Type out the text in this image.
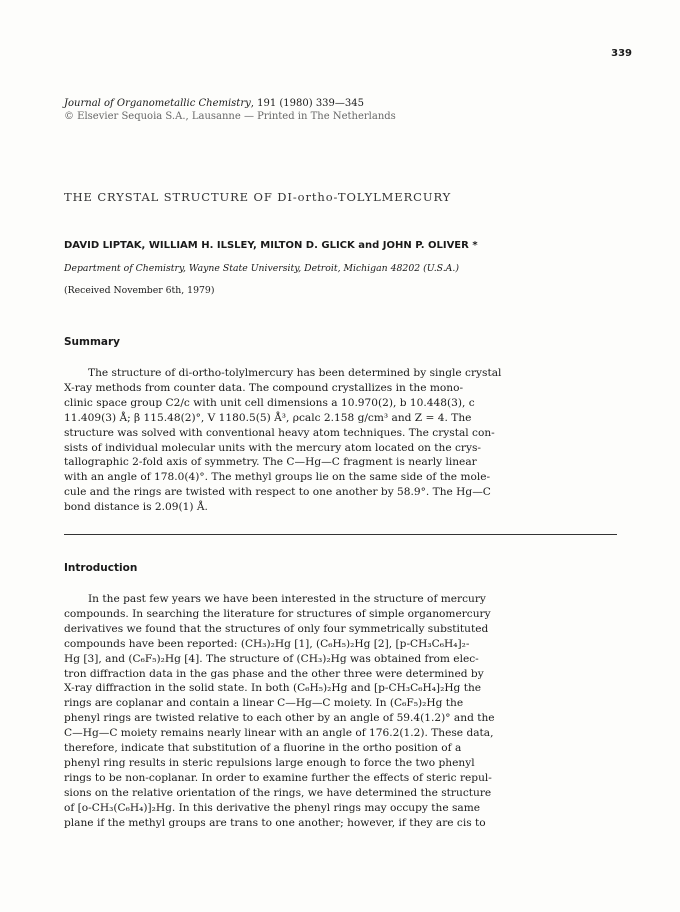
339
Journal of Organometallic Chemistry, 191 (1980) 339—345
© Elsevier Sequoia S.A., Lausanne — Printed in The Netherlands
THE CRYSTAL STRUCTURE OF DI-ortho-TOLYLMERCURY
DAVID LIPTAK, WILLIAM H. ILSLEY, MILTON D. GLICK and JOHN P. OLIVER *
Department of Chemistry, Wayne State University, Detroit, Michigan 48202 (U.S.A.)
(Received November 6th, 1979)
Summary
The structure of di-ortho-tolylmercury has been determined by single crystal
X-ray methods from counter data. The compound crystallizes in the mono-
clinic space group C2/c with unit cell dimensions a 10.970(2), b 10.448(3), c
11.409(3) Å; β 115.48(2)°, V 1180.5(5) Å³, ρcalc 2.158 g/cm³ and Z = 4. The
structure was solved with conventional heavy atom techniques. The crystal con-
sists of individual molecular units with the mercury atom located on the crys-
tallographic 2-fold axis of symmetry. The C—Hg—C fragment is nearly linear
with an angle of 178.0(4)°. The methyl groups lie on the same side of the mole-
cule and the rings are twisted with respect to one another by 58.9°. The Hg—C
bond distance is 2.09(1) Å.
Introduction
In the past few years we have been interested in the structure of mercury
compounds. In searching the literature for structures of simple organomercury
derivatives we found that the structures of only four symmetrically substituted
compounds have been reported: (CH₃)₂Hg [1], (C₆H₅)₂Hg [2], [p-CH₃C₆H₄]₂-
Hg [3], and (C₆F₅)₂Hg [4]. The structure of (CH₃)₂Hg was obtained from elec-
tron diffraction data in the gas phase and the other three were determined by
X-ray diffraction in the solid state. In both (C₆H₅)₂Hg and [p-CH₃C₆H₄]₂Hg the
rings are coplanar and contain a linear C—Hg—C moiety. In (C₆F₅)₂Hg the
phenyl rings are twisted relative to each other by an angle of 59.4(1.2)° and the
C—Hg—C moiety remains nearly linear with an angle of 176.2(1.2). These data,
therefore, indicate that substitution of a fluorine in the ortho position of a
phenyl ring results in steric repulsions large enough to force the two phenyl
rings to be non-coplanar. In order to examine further the effects of steric repul-
sions on the relative orientation of the rings, we have determined the structure
of [o-CH₃(C₆H₄)]₂Hg. In this derivative the phenyl rings may occupy the same
plane if the methyl groups are trans to one another; however, if they are cis to
